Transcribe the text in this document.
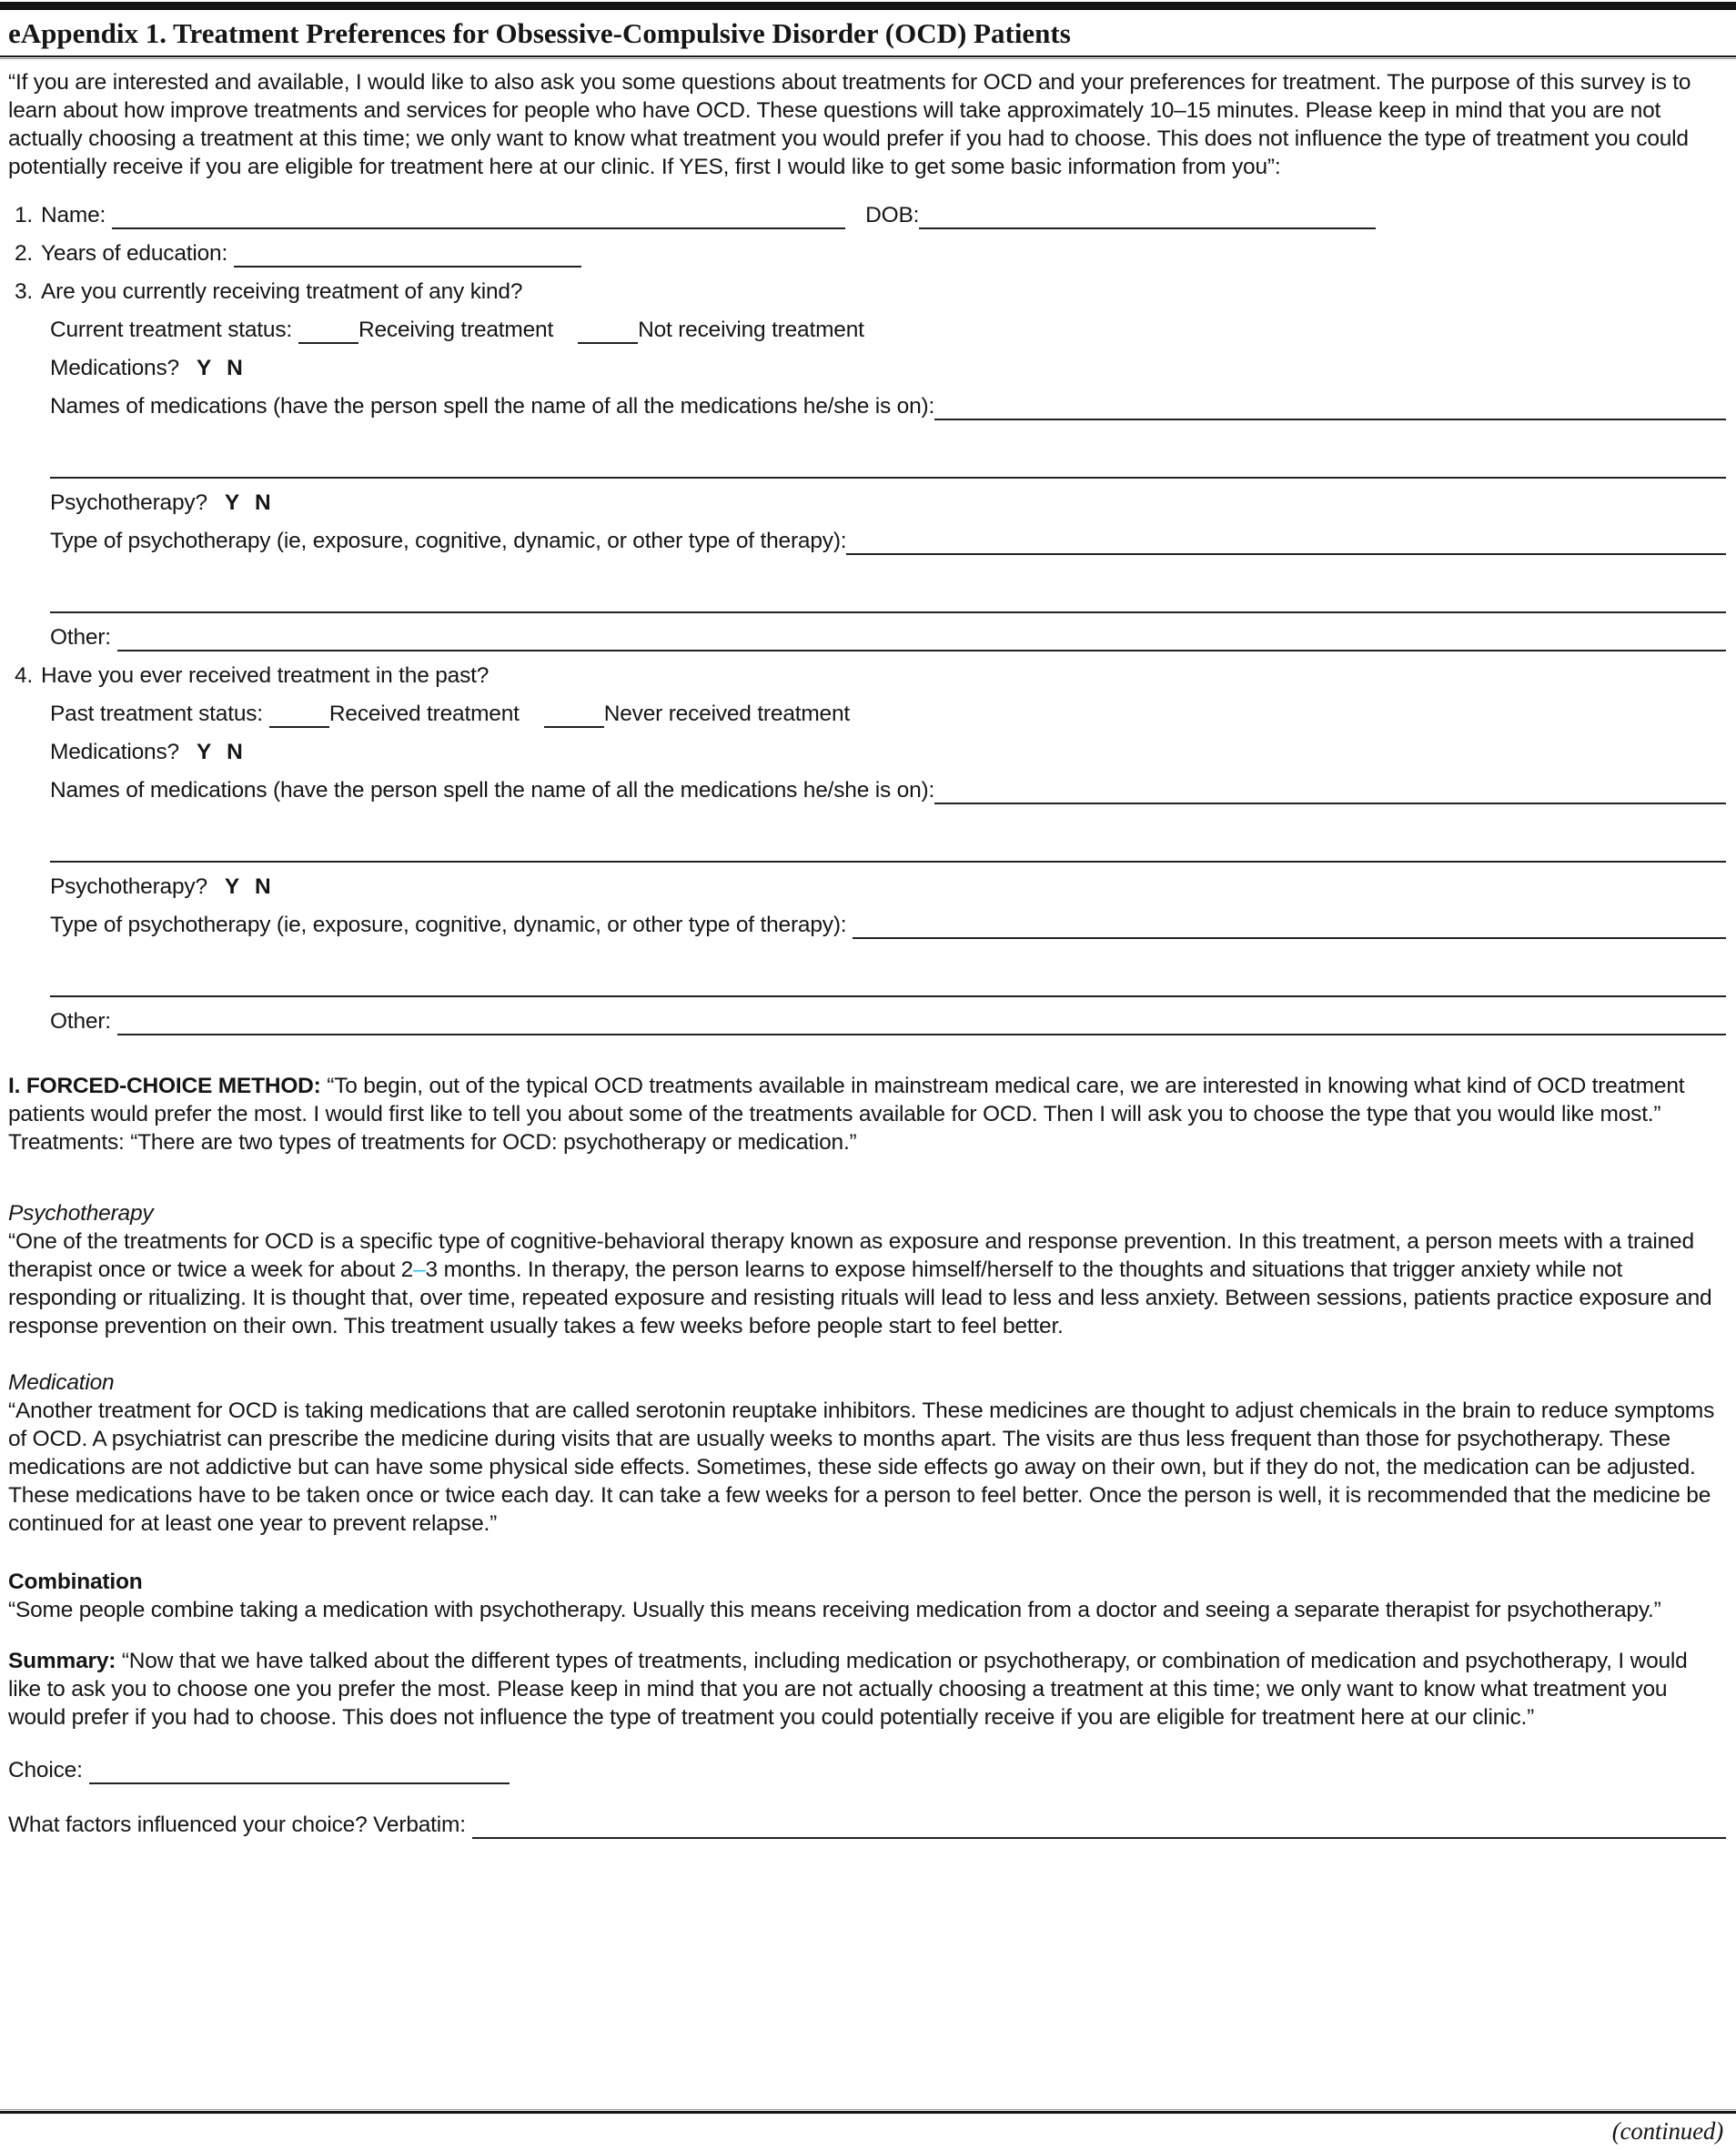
eAppendix 1. Treatment Preferences for Obsessive-Compulsive Disorder (OCD) Patients

“If you are interested and available, I would like to also ask you some questions about treatments for OCD and your preferences for treatment. The purpose of this survey is to learn about how improve treatments and services for people who have OCD. These questions will take approximately 10–15 minutes. Please keep in mind that you are not actually choosing a treatment at this time; we only want to know what treatment you would prefer if you had to choose. This does not influence the type of treatment you could potentially receive if you are eligible for treatment here at our clinic. If YES, first I would like to get some basic information from you”:

1. Name:	DOB:
2. Years of education:
3. Are you currently receiving treatment of any kind?
Current treatment status:	Receiving treatment	Not receiving treatment
Medications? Y N
Names of medications (have the person spell the name of all the medications he/she is on):
Psychotherapy? Y N
Type of psychotherapy (ie, exposure, cognitive, dynamic, or other type of therapy):
Other:
4. Have you ever received treatment in the past?
Past treatment status:	Received treatment	Never received treatment
Medications? Y N
Names of medications (have the person spell the name of all the medications he/she is on):
Psychotherapy? Y N
Type of psychotherapy (ie, exposure, cognitive, dynamic, or other type of therapy):
Other:

I. FORCED-CHOICE METHOD: “To begin, out of the typical OCD treatments available in mainstream medical care, we are interested in knowing what kind of OCD treatment patients would prefer the most. I would first like to tell you about some of the treatments available for OCD. Then I will ask you to choose the type that you would like most.”

Treatments: “There are two types of treatments for OCD: psychotherapy or medication.”

Psychotherapy

“One of the treatments for OCD is a specific type of cognitive-behavioral therapy known as exposure and response prevention. In this treatment, a person meets with a trained therapist once or twice a week for about 2–3 months. In therapy, the person learns to expose himself/herself to the thoughts and situations that trigger anxiety while not responding or ritualizing. It is thought that, over time, repeated exposure and resisting rituals will lead to less and less anxiety. Between sessions, patients practice exposure and response prevention on their own. This treatment usually takes a few weeks before people start to feel better.

Medication

“Another treatment for OCD is taking medications that are called serotonin reuptake inhibitors. These medicines are thought to adjust chemicals in the brain to reduce symptoms of OCD. A psychiatrist can prescribe the medicine during visits that are usually weeks to months apart. The visits are thus less frequent than those for psychotherapy. These medications are not addictive but can have some physical side effects. Sometimes, these side effects go away on their own, but if they do not, the medication can be adjusted. These medications have to be taken once or twice each day. It can take a few weeks for a person to feel better. Once the person is well, it is recommended that the medicine be continued for at least one year to prevent relapse.”

Combination

“Some people combine taking a medication with psychotherapy. Usually this means receiving medication from a doctor and seeing a separate therapist for psychotherapy.”

Summary: “Now that we have talked about the different types of treatments, including medication or psychotherapy, or combination of medication and psychotherapy, I would like to ask you to choose one you prefer the most. Please keep in mind that you are not actually choosing a treatment at this time; we only want to know what treatment you would prefer if you had to choose. This does not influence the type of treatment you could potentially receive if you are eligible for treatment here at our clinic.”

Choice:
What factors influenced your choice? Verbatim:
(continued)
